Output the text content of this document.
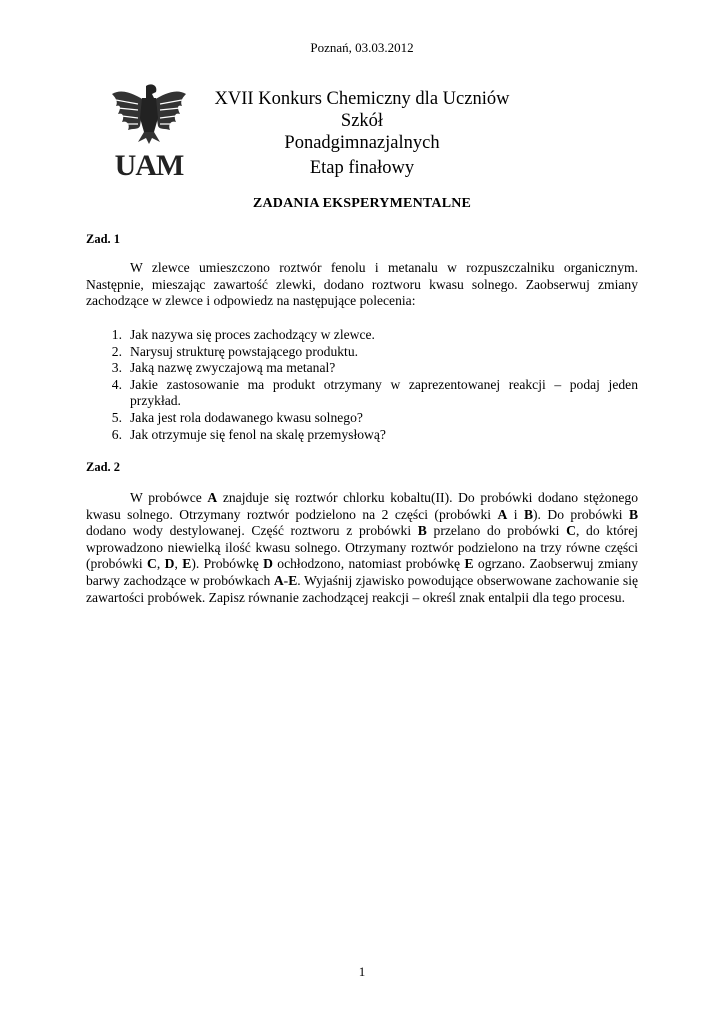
Poznań, 03.03.2012
UAM
XVII Konkurs Chemiczny dla Uczniów Szkół
Ponadgimnazjalnych
Etap finałowy
ZADANIA EKSPERYMENTALNE
Zad. 1

W zlewce umieszczono roztwór fenolu i metanalu w rozpuszczalniku organicznym. Następnie, mieszając zawartość zlewki, dodano roztworu kwasu solnego. Zaobserwuj zmiany zachodzące w zlewce i odpowiedz na następujące polecenia:

1. Jak nazywa się proces zachodzący w zlewce.
2. Narysuj strukturę powstającego produktu.
3. Jaką nazwę zwyczajową ma metanal?
4. Jakie zastosowanie ma produkt otrzymany w zaprezentowanej reakcji – podaj jeden przykład.
5. Jaka jest rola dodawanego kwasu solnego?
6. Jak otrzymuje się fenol na skalę przemysłową?
Zad. 2

W probówce A znajduje się roztwór chlorku kobaltu(II). Do probówki dodano stężonego kwasu solnego. Otrzymany roztwór podzielono na 2 części (probówki A i B). Do probówki B dodano wody destylowanej. Część roztworu z probówki B przelano do probówki C, do której wprowadzono niewielką ilość kwasu solnego. Otrzymany roztwór podzielono na trzy równe części (probówki C, D, E). Probówkę D ochłodzono, natomiast probówkę E ogrzano. Zaobserwuj zmiany barwy zachodzące w probówkach A-E. Wyjaśnij zjawisko powodujące obserwowane zachowanie się zawartości probówek. Zapisz równanie zachodzącej reakcji – określ znak entalpii dla tego procesu.

1
